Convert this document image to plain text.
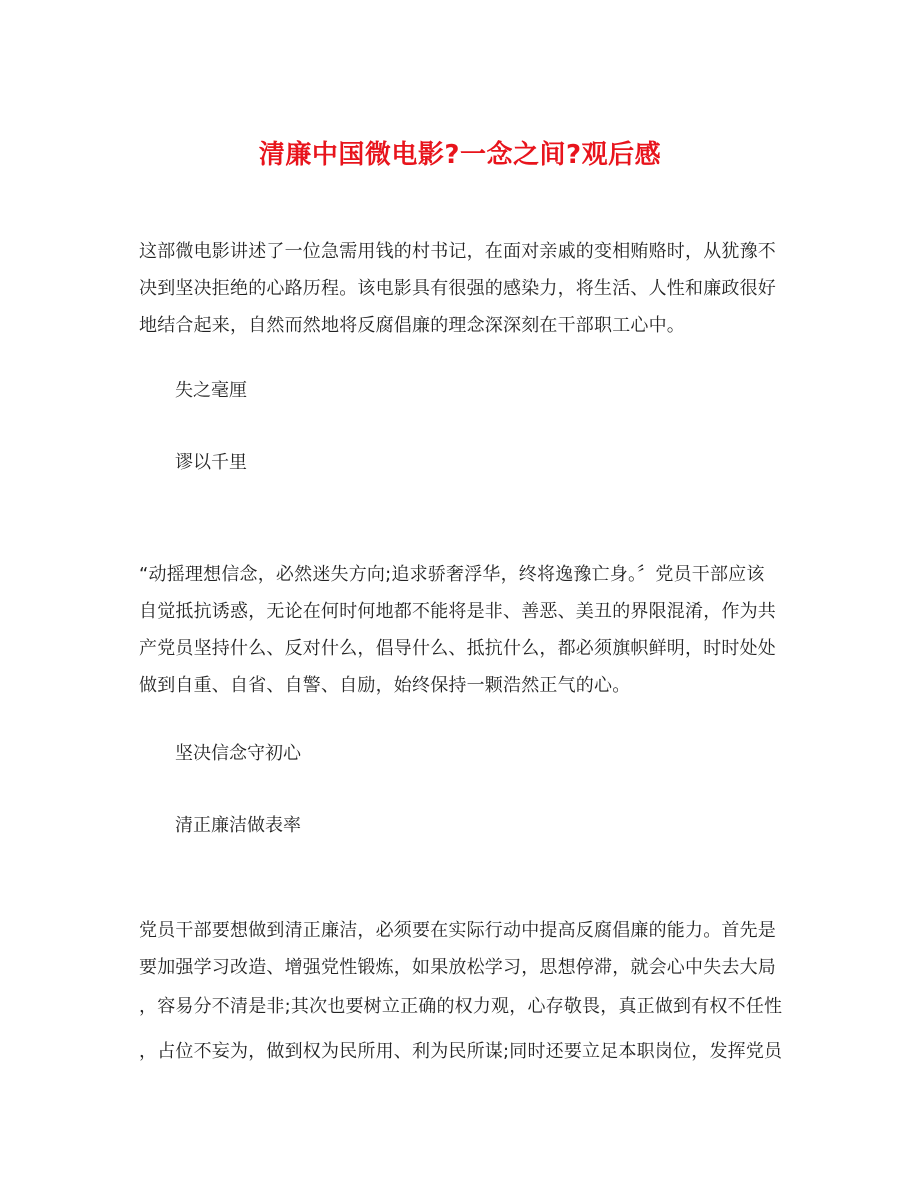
清廉中国微电影?一念之间?观后感

这部微电影讲述了一位急需用钱的村书记，在面对亲戚的变相贿赂时，从犹豫不
决到坚决拒绝的心路历程。该电影具有很强的感染力，将生活、人性和廉政很好
地结合起来，自然而然地将反腐倡廉的理念深深刻在干部职工心中。

失之毫厘

谬以千里

“动摇理想信念，必然迷失方向;追求骄奢浮华，终将逸豫亡身。〞党员干部应该
自觉抵抗诱惑，无论在何时何地都不能将是非、善恶、美丑的界限混淆，作为共
产党员坚持什么、反对什么，倡导什么、抵抗什么，都必须旗帜鲜明，时时处处
做到自重、自省、自警、自励，始终保持一颗浩然正气的心。

坚决信念守初心

清正廉洁做表率

党员干部要想做到清正廉洁，必须要在实际行动中提高反腐倡廉的能力。首先是
要加强学习改造、增强党性锻炼，如果放松学习，思想停滞，就会心中失去大局
，容易分不清是非;其次也要树立正确的权力观，心存敬畏，真正做到有权不任性
，占位不妄为，做到权为民所用、利为民所谋;同时还要立足本职岗位，发挥党员
